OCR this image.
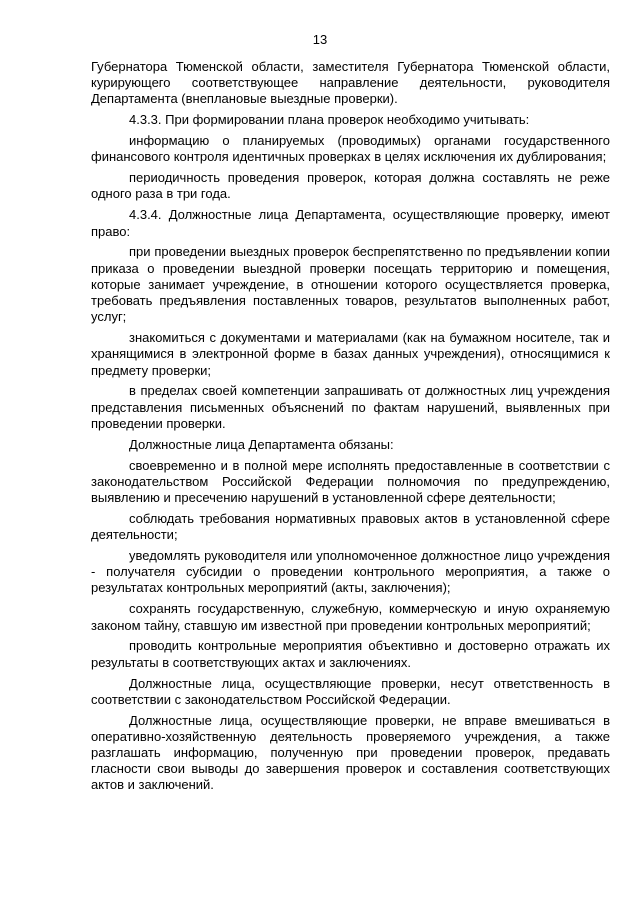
13

Губернатора Тюменской области, заместителя Губернатора Тюменской области, курирующего соответствующее направление деятельности, руководителя Департамента (внеплановые выездные проверки).

4.3.3. При формировании плана проверок необходимо учитывать:

информацию о планируемых (проводимых) органами государственного финансового контроля идентичных проверках в целях исключения их дублирования;

периодичность проведения проверок, которая должна составлять не реже одного раза в три года.

4.3.4. Должностные лица Департамента, осуществляющие проверку, имеют право:

при проведении выездных проверок беспрепятственно по предъявлении копии приказа о проведении выездной проверки посещать территорию и помещения, которые занимает учреждение, в отношении которого осуществляется проверка, требовать предъявления поставленных товаров, результатов выполненных работ, услуг;

знакомиться с документами и материалами (как на бумажном носителе, так и хранящимися в электронной форме в базах данных учреждения), относящимися к предмету проверки;

в пределах своей компетенции запрашивать от должностных лиц учреждения представления письменных объяснений по фактам нарушений, выявленных при проведении проверки.

Должностные лица Департамента обязаны:

своевременно и в полной мере исполнять предоставленные в соответствии с законодательством Российской Федерации полномочия по предупреждению, выявлению и пресечению нарушений в установленной сфере деятельности;

соблюдать требования нормативных правовых актов в установленной сфере деятельности;

уведомлять руководителя или уполномоченное должностное лицо учреждения - получателя субсидии о проведении контрольного мероприятия, а также о результатах контрольных мероприятий (акты, заключения);

сохранять государственную, служебную, коммерческую и иную охраняемую законом тайну, ставшую им известной при проведении контрольных мероприятий;

проводить контрольные мероприятия объективно и достоверно отражать их результаты в соответствующих актах и заключениях.

Должностные лица, осуществляющие проверки, несут ответственность в соответствии с законодательством Российской Федерации.

Должностные лица, осуществляющие проверки, не вправе вмешиваться в оперативно-хозяйственную деятельность проверяемого учреждения, а также разглашать информацию, полученную при проведении проверок, предавать гласности свои выводы до завершения проверок и составления соответствующих актов и заключений.
